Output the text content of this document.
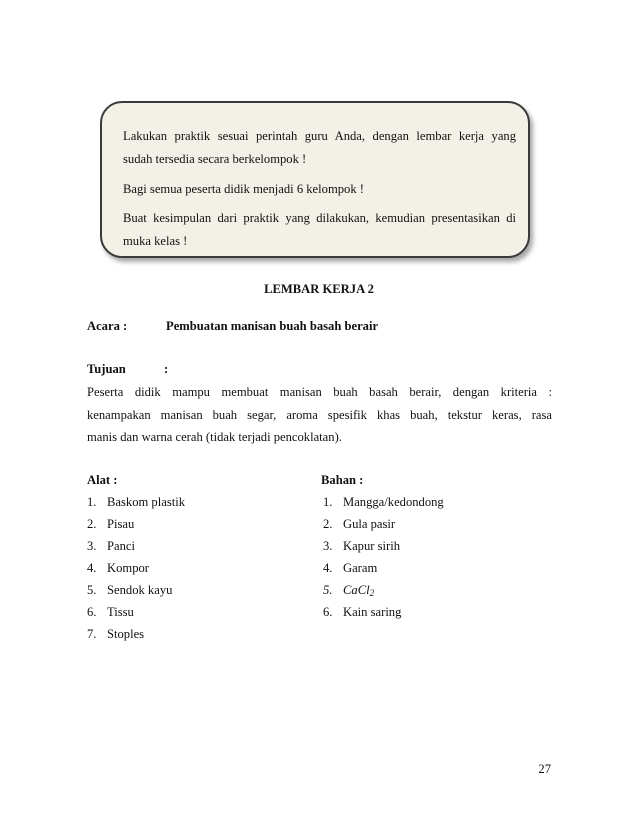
Lakukan praktik sesuai perintah guru Anda, dengan lembar kerja yang

sudah tersedia secara berkelompok !

Bagi semua peserta didik menjadi 6 kelompok !

Buat kesimpulan dari praktik yang dilakukan, kemudian presentasikan di

muka kelas !

LEMBAR KERJA 2

Acara :	Pembuatan manisan buah basah berair

Tujuan	:

Peserta didik mampu membuat manisan buah basah berair, dengan kriteria :

kenampakan manisan buah segar, aroma spesifik khas buah, tekstur keras, rasa

manis dan warna cerah (tidak terjadi pencoklatan).

Alat :

1. Baskom plastik
2. Pisau
3. Panci
4. Kompor
5. Sendok kayu
6. Tissu
7. Stoples

Bahan :

1. Mangga/kedondong
2. Gula pasir
3. Kapur sirih
4. Garam
5. CaCl$_2$
6. Kain saring

27
